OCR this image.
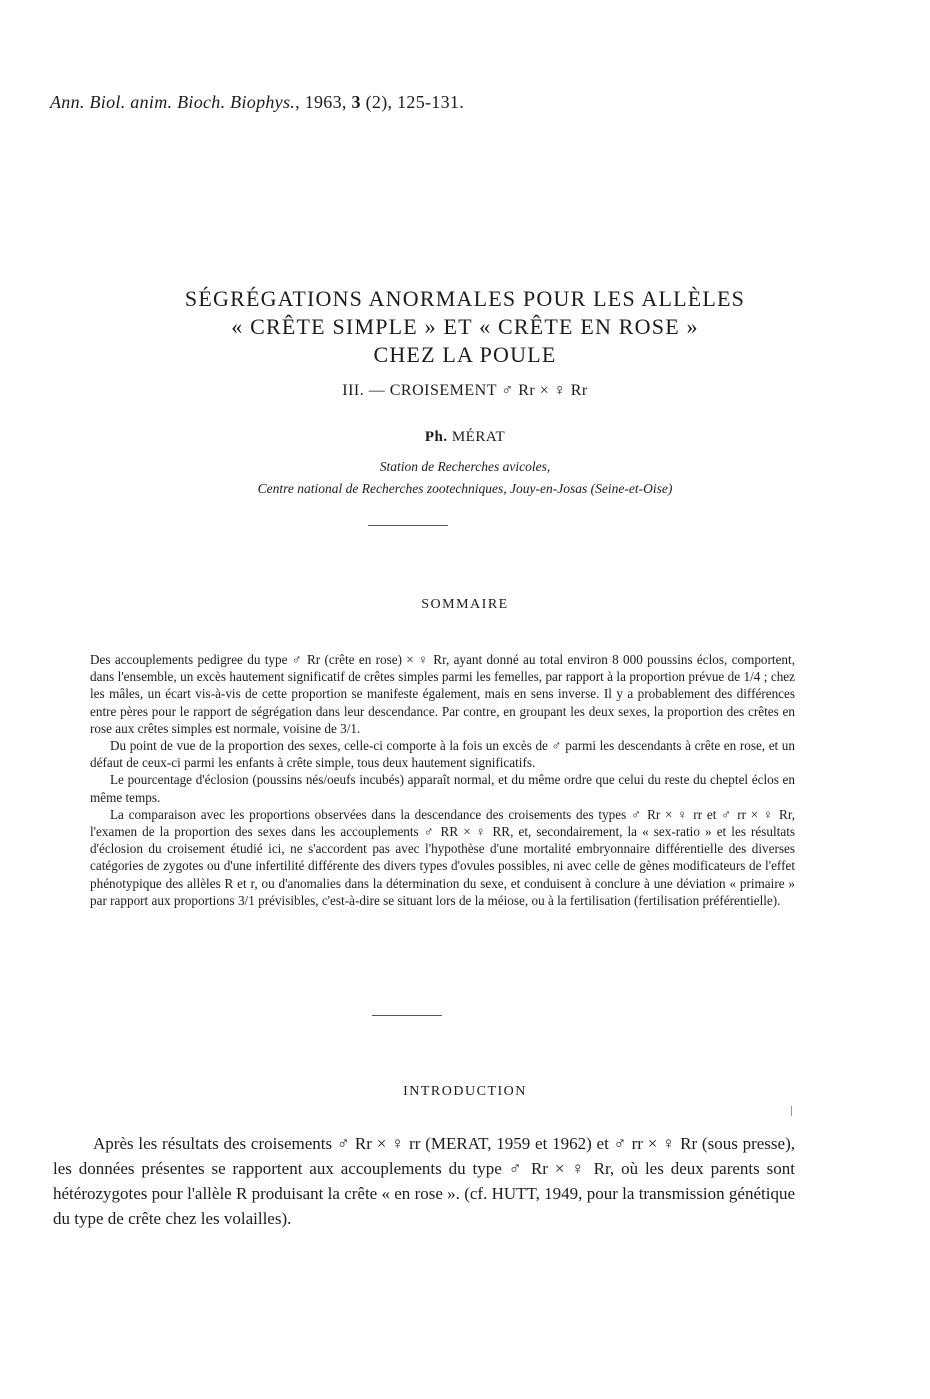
Ann. Biol. anim. Bioch. Biophys., 1963, 3 (2), 125-131.
SÉGRÉGATIONS ANORMALES POUR LES ALLÈLES
« CRÊTE SIMPLE » ET « CRÊTE EN ROSE »
CHEZ LA POULE
III. — CROISEMENT ♂ Rr × ♀ Rr
Ph. MÉRAT
Station de Recherches avicoles,
Centre national de Recherches zootechniques, Jouy-en-Josas (Seine-et-Oise)
SOMMAIRE

Des accouplements pedigree du type ♂ Rr (crête en rose) × ♀ Rr, ayant donné au total environ 8 000 poussins éclos, comportent, dans l'ensemble, un excès hautement significatif de crêtes simples parmi les femelles, par rapport à la proportion prévue de 1/4 ; chez les mâles, un écart vis-à-vis de cette proportion se manifeste également, mais en sens inverse. Il y a probablement des différences entre pères pour le rapport de ségrégation dans leur descendance. Par contre, en groupant les deux sexes, la proportion des crêtes en rose aux crêtes simples est normale, voisine de 3/1.

Du point de vue de la proportion des sexes, celle-ci comporte à la fois un excès de ♂ parmi les descendants à crête en rose, et un défaut de ceux-ci parmi les enfants à crête simple, tous deux hautement significatifs.

Le pourcentage d'éclosion (poussins nés/oeufs incubés) apparaît normal, et du même ordre que celui du reste du cheptel éclos en même temps.

La comparaison avec les proportions observées dans la descendance des croisements des types ♂ Rr × ♀ rr et ♂ rr × ♀ Rr, l'examen de la proportion des sexes dans les accouplements ♂ RR × ♀ RR, et, secondairement, la « sex-ratio » et les résultats d'éclosion du croisement étudié ici, ne s'accordent pas avec l'hypothèse d'une mortalité embryonnaire différentielle des diverses catégories de zygotes ou d'une infertilité différente des divers types d'ovules possibles, ni avec celle de gènes modificateurs de l'effet phénotypique des allèles R et r, ou d'anomalies dans la détermination du sexe, et conduisent à conclure à une déviation « primaire » par rapport aux proportions 3/1 prévisibles, c'est-à-dire se situant lors de la méiose, ou à la fertilisation (fertilisation préférentielle).

INTRODUCTION

Après les résultats des croisements ♂ Rr × ♀ rr (MERAT, 1959 et 1962) et ♂ rr × ♀ Rr (sous presse), les données présentes se rapportent aux accouplements du type ♂ Rr × ♀ Rr, où les deux parents sont hétérozygotes pour l'allèle R produisant la crête « en rose ». (cf. HUTT, 1949, pour la transmission génétique du type de crête chez les volailles).
